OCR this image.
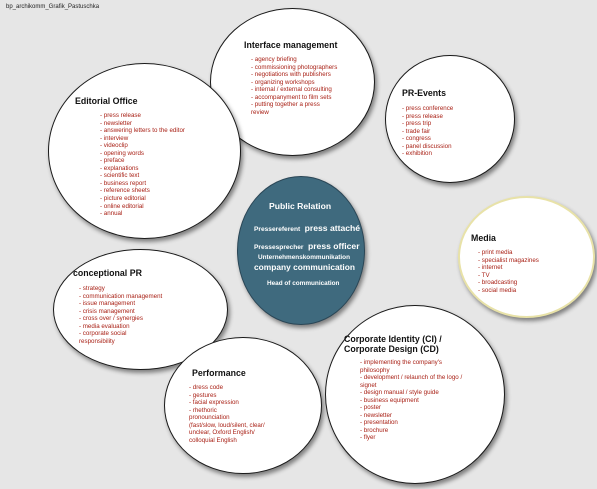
bp_archikomm_Grafik_Pastuschka
Interface management
- agency briefing
- commissioning photographers
- negotiations with publishers
- organizing workshops
- internal / external consulting
- accompanyment to film sets
- putting together a press
review
Editorial Office
- press release
- newsletter
- answering letters to the editor
- interview
- videoclip
- opening words
- preface
- explanations
- scientific text
- business report
- reference sheets
- picture editorial
- online editorial
- annual
PR-Events
- press conference
- press release
- press trip
- trade fair
- congress
- panel discussion
- exhibition
Public Relation
Pressereferent press attaché
Pressesprecher press officer
Unternehmenskommunikation
company communication
Head of communication
Media
- print media
- specialist magazines
- internet
- TV
- broadcasting
- social media
conceptional PR
- strategy
- communication management
- issue management
- crisis management
- cross over / synergies
- media evaluation
- corporate social
responsibility
Performance
- dress code
- gestures
- facial expression
- rhethoric
pronounciation
(fast/slow, loud/silent, clear/
unclear, Oxford English/
colloquial English
Corporate Identity (CI) /
Corporate Design (CD)
- implementing the company's
philosophy
- development / relaunch of the logo /
signet
- design manual / style guide
- business equipment
- poster
- newsletter
- presentation
- brochure
- flyer
